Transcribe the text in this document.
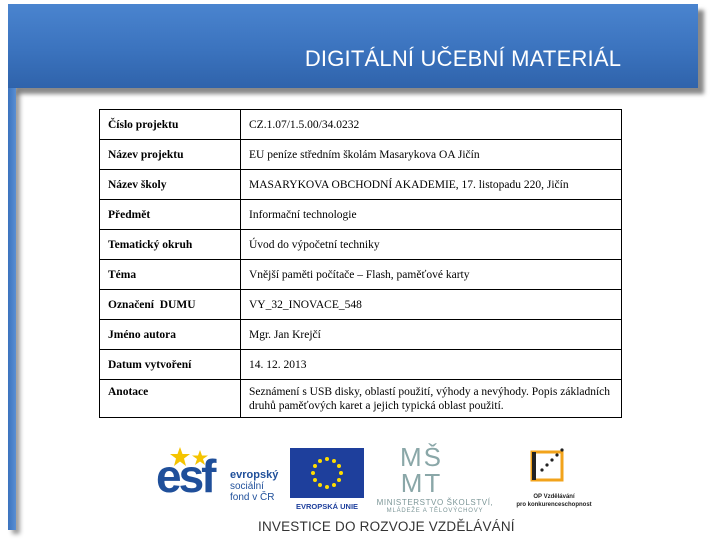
DIGITÁLNÍ UČEBNÍ MATERIÁL
Číslo projektu	CZ.1.07/1.5.00/34.0232
Název projektu	EU peníze středním školám Masarykova OA Jičín
Název školy	MASARYKOVA OBCHODNÍ AKADEMIE, 17. listopadu 220, Jičín
Předmět	Informační technologie
Tematický okruh	Úvod do výpočetní techniky
Téma	Vnější paměti počítače – Flash, paměťové karty
Označení  DUMU	VY_32_INOVACE_548
Jméno autora	Mgr. Jan Krejčí
Datum vytvoření	14. 12. 2013
Anotace	Seznámení s USB disky, oblastí použití, výhody a nevýhody. Popis základních druhů paměťových karet a jejich typická oblast použití.
esf evropský
sociální
fond v ČR
EVROPSKÁ UNIE
MŠ
MT
MINISTERSTVO ŠKOLSTVÍ,
MLÁDEŽE A TĚLOVÝCHOVY
OP Vzdělávání
pro konkurenceschopnost
INVESTICE DO ROZVOJE VZDĚLÁVÁNÍ
